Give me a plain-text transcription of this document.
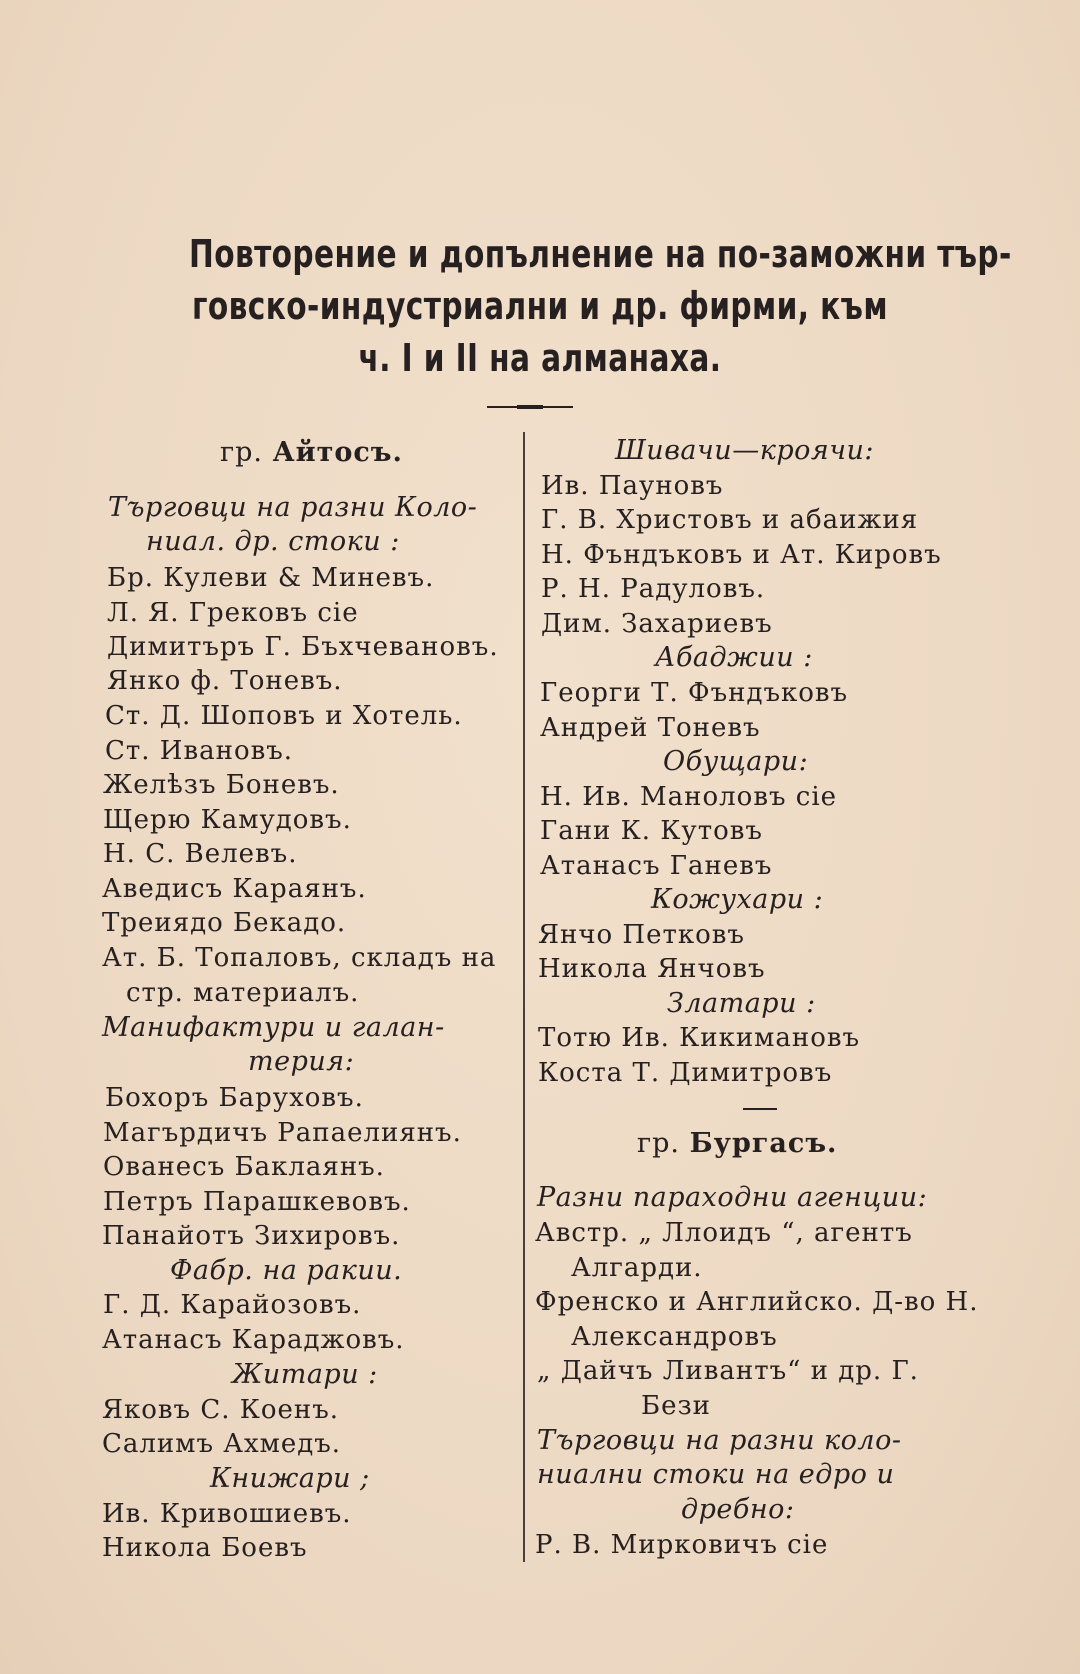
Повторение и допълнение на по-заможни тър-
говско-индустриални и др. фирми, към
ч. I и II на алманаха.
гр. Айтосъ.
Търговци на разни Коло-
ниал. др. стоки :
Бр. Кулеви & Миневъ.
Л. Я. Грековъ сiе
Димитъръ Г. Бъхчевановъ.
Янко ф. Тоневъ.
Ст. Д. Шоповъ и Хотель.
Ст. Ивановъ.
Желѣзъ Боневъ.
Щерю Камудовъ.
Н. С. Велевъ.
Аведисъ Караянъ.
Треиядо Бекадо.
Ат. Б. Топаловъ, складъ на
стр. материалъ.
Манифактури и галан-
терия:
Бохоръ Баруховъ.
Магърдичъ Рапаелиянъ.
Ованесъ Баклаянъ.
Петръ Парашкевовъ.
Панайотъ Зихировъ.
Фабр. на ракии.
Г. Д. Карайозовъ.
Атанасъ Караджовъ.
Житари :
Яковъ С. Коенъ.
Салимъ Ахмедъ.
Книжари ;
Ив. Кривошиевъ.
Никола Боевъ
Шивачи—кроячи:
Ив. Пауновъ
Г. В. Христовъ и абаижия
Н. Фъндъковъ и Ат. Кировъ
Р. Н. Радуловъ.
Дим. Захариевъ
Абаджии :
Георги Т. Фъндъковъ
Андрей Тоневъ
Обущари:
Н. Ив. Маноловъ сiе
Гани К. Кутовъ
Атанасъ Ганевъ
Кожухари :
Янчо Петковъ
Никола Янчовъ
Златари :
Тотю Ив. Кикимановъ
Коста Т. Димитровъ
гр. Бургасъ.
Разни параходни агенции:
Австр. „ Ллоидъ “, агентъ
Алгарди.
Френско и Английско. Д-во Н.
Александровъ
„ Дайчъ Ливантъ“ и др. Г.
Бези
Търговци на разни коло-
ниални стоки на едро и
дребно:
Р. В. Мирковичъ сiе
